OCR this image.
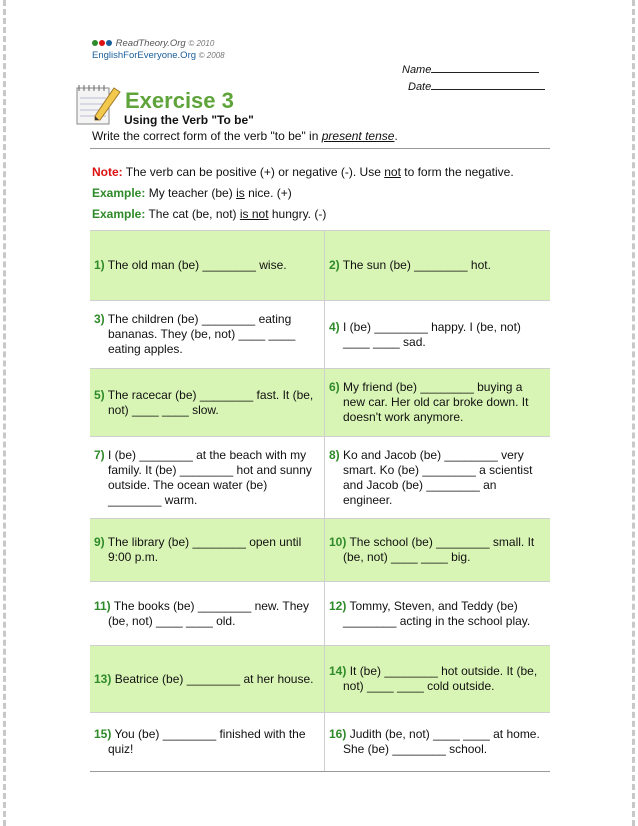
ReadTheory.Org © 2010
EnglishForEveryone.Org © 2008
Name
Date
Exercise 3
Using the Verb "To be"
Write the correct form of the verb "to be" in present tense.
Note: The verb can be positive (+) or negative (-). Use not to form the negative.
Example: My teacher (be) is nice. (+)
Example: The cat (be, not) is not hungry. (-)
1) The old man (be) ________ wise.	2) The sun (be) ________ hot.

3) The children (be) ________ eating bananas. They (be, not) ____ ____ eating apples.	4) I (be) ________ happy. I (be, not) ____ ____ sad.

5) The racecar (be) ________ fast. It (be, not) ____ ____ slow.	6) My friend (be) ________ buying a new car. Her old car broke down. It doesn't work anymore.

7) I (be) ________ at the beach with my family. It (be) ________ hot and sunny outside. The ocean water (be) ________ warm.	8) Ko and Jacob (be) ________ very smart. Ko (be) ________ a scientist and Jacob (be) ________ an engineer.

9) The library (be) ________ open until 9:00 p.m.	10) The school (be) ________ small. It (be, not) ____ ____ big.

11) The books (be) ________ new. They (be, not) ____ ____ old.	12) Tommy, Steven, and Teddy (be) ________ acting in the school play.

13) Beatrice (be) ________ at her house.	14) It (be) ________ hot outside. It (be, not) ____ ____ cold outside.

15) You (be) ________ finished with the quiz!	16) Judith (be, not) ____ ____ at home. She (be) ________ school.
